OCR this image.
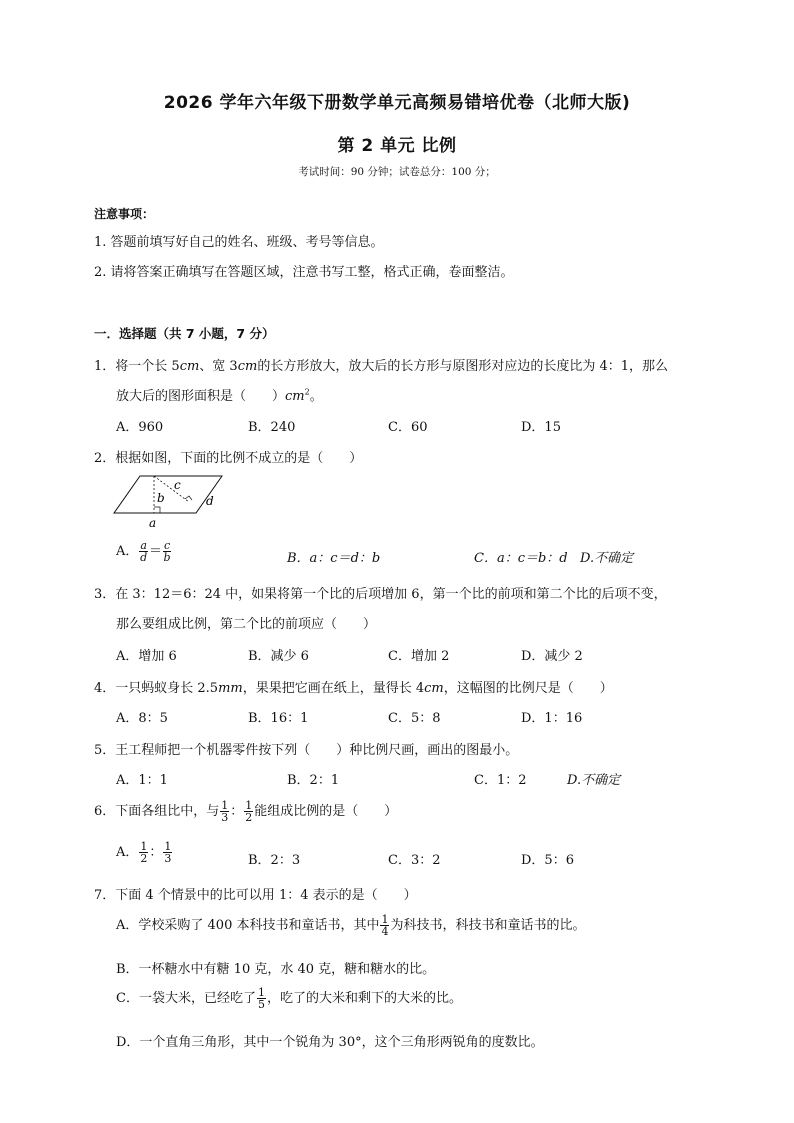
2026 学年六年级下册数学单元高频易错培优卷（北师大版)
第 2 单元 比例
考试时间：90 分钟；试卷总分：100 分；
注意事项：
1. 答题前填写好自己的姓名、班级、考号等信息。
2. 请将答案正确填写在答题区域，注意书写工整，格式正确，卷面整洁。
一．选择题（共 7 小题，7 分）
1．将一个长 5cm、宽 3cm的长方形放大，放大后的长方形与原图形对应边的长度比为 4：1，那么
放大后的图形面积是（　　）$cm^2$。
A．960	B．240	C．60	D．15
2．根据如图，下面的比例不成立的是（　　）
b
c
d
a
A． $\frac{a}{d} = \frac{c}{b}$	B．a：c＝d：b	C．a：c＝b：d D.不确定
3．在 3：12＝6：24 中，如果将第一个比的后项增加 6，第一个比的前项和第二个比的后项不变，
那么要组成比例，第二个比的前项应（　　）
A．增加 6	B．减少 6	C．增加 2	D．减少 2
4．一只蚂蚁身长 2.5mm，果果把它画在纸上，量得长 4cm，这幅图的比例尺是（　　）
A．8：5	B．16：1	C．5：8	D．1：16
5．王工程师把一个机器零件按下列（　　）种比例尺画，画出的图最小。
A．1：1	B．2：1	C．1：2	D.不确定
6．下面各组比中，与 $\frac{1}{3}$ ： $\frac{1}{2}$ 能组成比例的是（　　）
A． $\frac{1}{2}$ ： $\frac{1}{3}$	B．2：3	C．3：2	D．5：6
7．下面 4 个情景中的比可以用 1：4 表示的是（　　）
A．学校采购了 400 本科技书和童话书，其中 $\frac{1}{4}$ 为科技书，科技书和童话书的比。
B．一杯糖水中有糖 10 克，水 40 克，糖和糖水的比。
C．一袋大米，已经吃了 $\frac{1}{5}$ ，吃了的大米和剩下的大米的比。
D．一个直角三角形，其中一个锐角为 30°，这个三角形两锐角的度数比。
